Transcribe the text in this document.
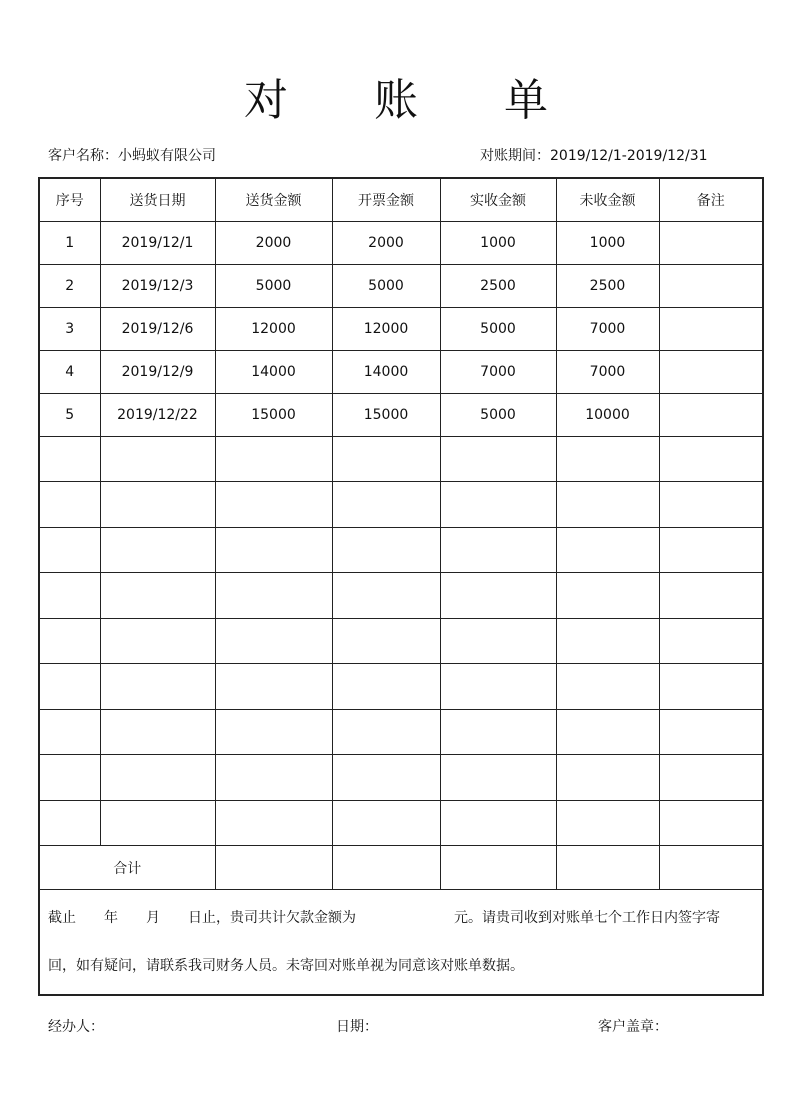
对 账 单
客户名称：小蚂蚁有限公司	对账期间：2019/12/1-2019/12/31
序号	送货日期	送货金额	开票金额	实收金额	未收金额	备注
1	2019/12/1	2000	2000	1000	1000	
2	2019/12/3	5000	5000	2500	2500	
3	2019/12/6	12000	12000	5000	7000	
4	2019/12/9	14000	14000	7000	7000	
5	2019/12/22	15000	15000	5000	10000	

合计						

截止　　年　　月　　日止，贵司共计欠款金额为　　　　　　　元。请贵司收到对账单七个工作日内签字寄
回，如有疑问，请联系我司财务人员。未寄回对账单视为同意该对账单数据。						
经办人：	日期：	客户盖章：
